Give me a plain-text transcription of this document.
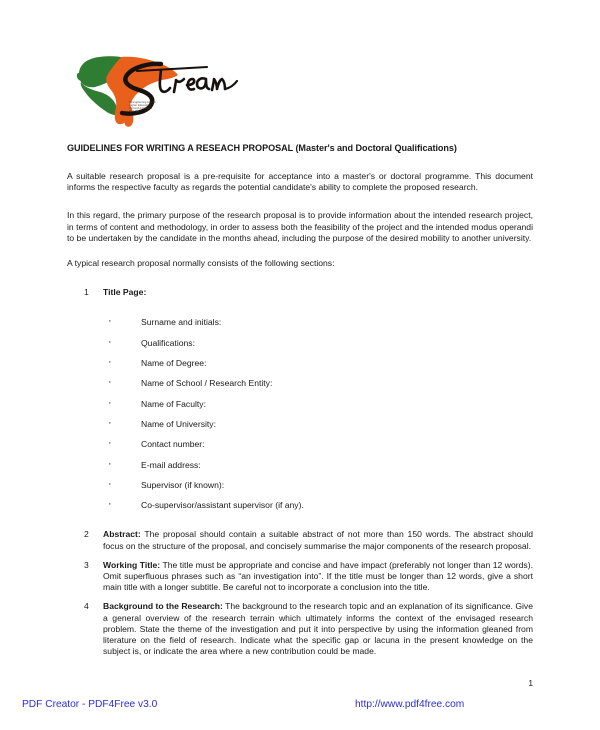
Strengthening African
Higher Education
Through Academic
Mobility
GUIDELINES FOR WRITING A RESEACH PROPOSAL (Master's and Doctoral Qualifications)

A suitable research proposal is a pre-requisite for acceptance into a master's or doctoral programme. This document informs the respective faculty as regards the potential candidate's ability to complete the proposed research.

In this regard, the primary purpose of the research proposal is to provide information about the intended research project, in terms of content and methodology, in order to assess both the feasibility of the project and the intended modus operandi to be undertaken by the candidate in the months ahead, including the purpose of the desired mobility to another university.

A typical research proposal normally consists of the following sections:

1 Title Page:
· Surname and initials:
· Qualifications:
· Name of Degree:
· Name of School / Research Entity:
· Name of Faculty:
· Name of University:
· Contact number:
· E-mail address:
· Supervisor (if known):
· Co-supervisor/assistant supervisor (if any).
2 Abstract: The proposal should contain a suitable abstract of not more than 150 words. The abstract should focus on the structure of the proposal, and concisely summarise the major components of the research proposal.
3 Working Title: The title must be appropriate and concise and have impact (preferably not longer than 12 words). Omit superfluous phrases such as “an investigation into”. If the title must be longer than 12 words, give a short main title with a longer subtitle. Be careful not to incorporate a conclusion into the title.
4 Background to the Research: The background to the research topic and an explanation of its significance. Give a general overview of the research terrain which ultimately informs the context of the envisaged research problem. State the theme of the investigation and put it into perspective by using the information gleaned from literature on the field of research. Indicate what the specific gap or lacuna in the present knowledge on the subject is, or indicate the area where a new contribution could be made.
1
PDF Creator - PDF4Free v3.0	http://www.pdf4free.com
